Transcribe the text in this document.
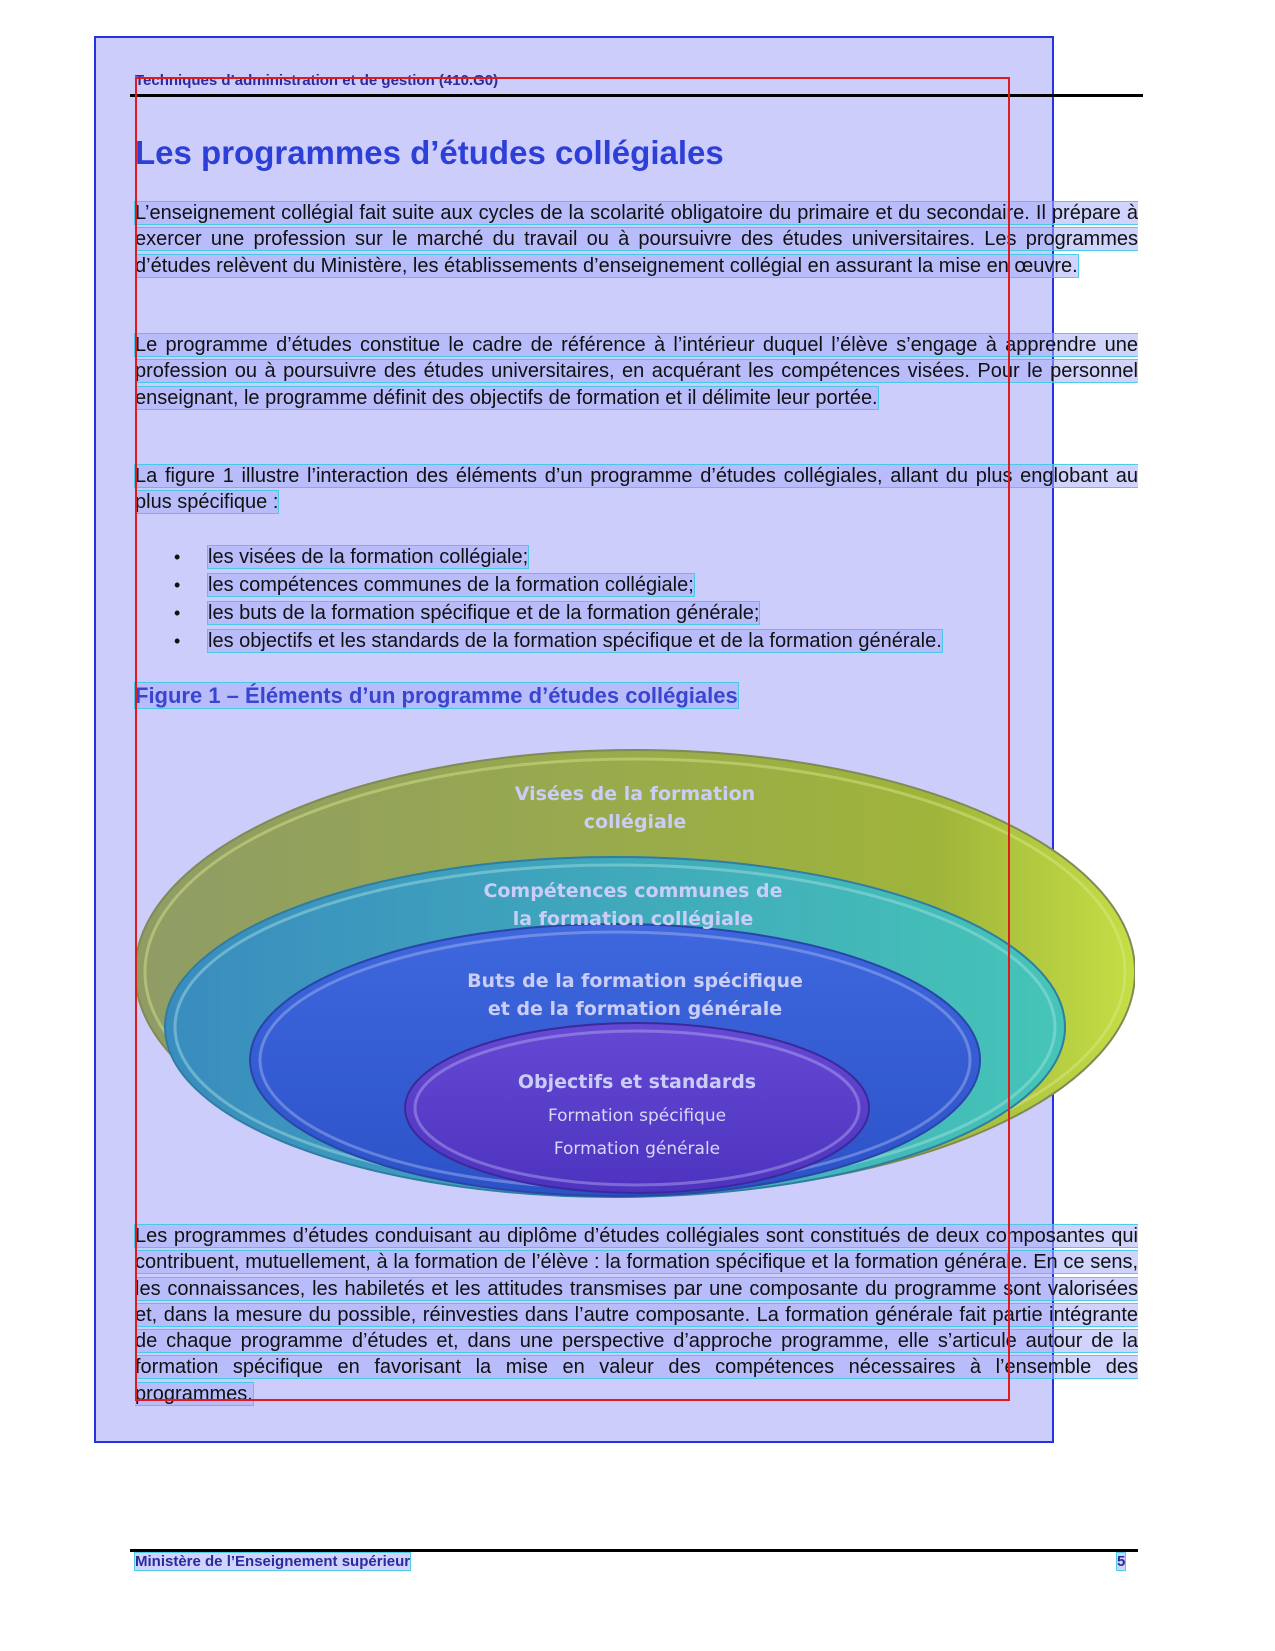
Techniques d’administration et de gestion (410.G0)
Les programmes d’études collégiales
L’enseignement collégial fait suite aux cycles de la scolarité obligatoire du primaire et du secondaire. Il prépare à exercer une profession sur le marché du travail ou à poursuivre des études universitaires. Les programmes d’études relèvent du Ministère, les établissements d’enseignement collégial en assurant la mise en œuvre.
Le programme d’études constitue le cadre de référence à l’intérieur duquel l’élève s’engage à apprendre une profession ou à poursuivre des études universitaires, en acquérant les compétences visées. Pour le personnel enseignant, le programme définit des objectifs de formation et il délimite leur portée.
La figure 1 illustre l’interaction des éléments d’un programme d’études collégiales, allant du plus englobant au plus spécifique :
• les visées de la formation collégiale;
• les compétences communes de la formation collégiale;
• les buts de la formation spécifique et de la formation générale;
• les objectifs et les standards de la formation spécifique et de la formation générale.
Figure 1 – Éléments d’un programme d’études collégiales
Visées de la formation
collégiale
Compétences communes de
la formation collégiale
Buts de la formation spécifique
et de la formation générale
Objectifs et standards
Formation spécifique
Formation générale
Les programmes d’études conduisant au diplôme d’études collégiales sont constitués de deux composantes qui contribuent, mutuellement, à la formation de l’élève : la formation spécifique et la formation générale. En ce sens, les connaissances, les habiletés et les attitudes transmises par une composante du programme sont valorisées et, dans la mesure du possible, réinvesties dans l’autre composante. La formation générale fait partie intégrante de chaque programme d’études et, dans une perspective d’approche programme, elle s’articule autour de la formation spécifique en favorisant la mise en valeur des compétences nécessaires à l’ensemble des programmes.
Ministère de l’Enseignement supérieur	5
